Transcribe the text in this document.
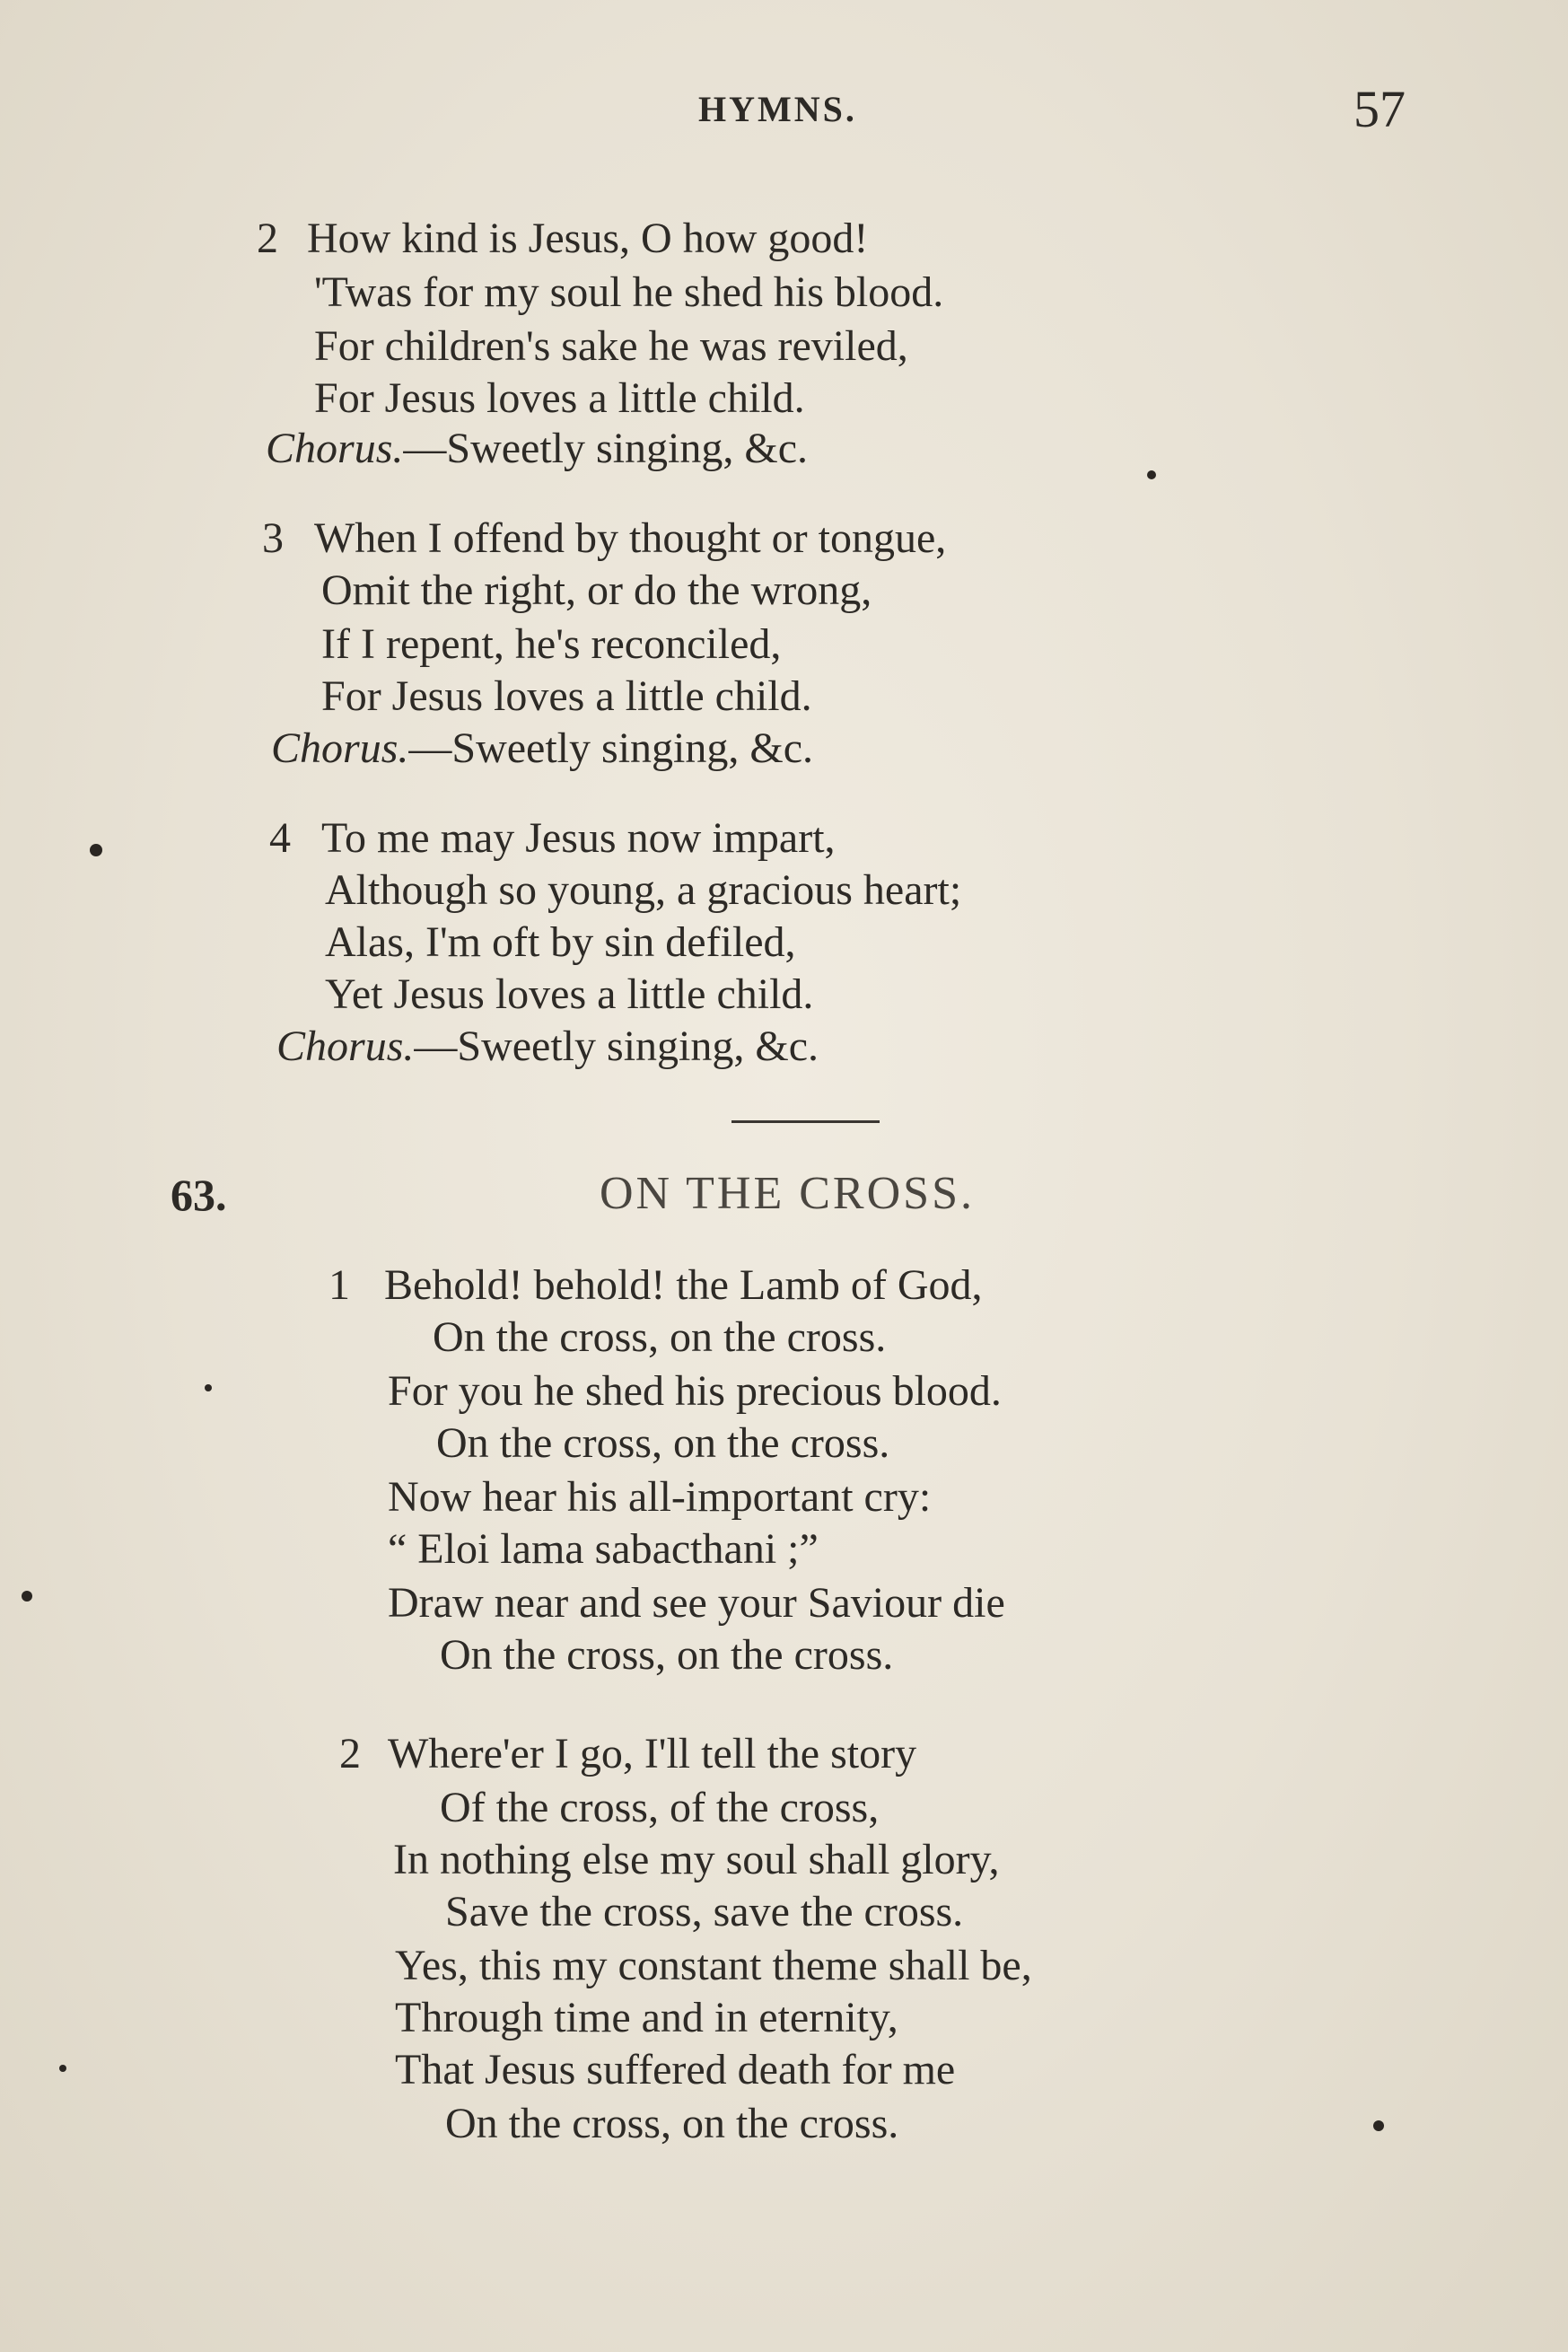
HYMNS.	57
2 How kind is Jesus, O how good!
'Twas for my soul he shed his blood.
For children's sake he was reviled,
For Jesus loves a little child.
Chorus.—Sweetly singing, &c.
3 When I offend by thought or tongue,
Omit the right, or do the wrong,
If I repent, he's reconciled,
For Jesus loves a little child.
Chorus.—Sweetly singing, &c.
4 To me may Jesus now impart,
Although so young, a gracious heart;
Alas, I'm oft by sin defiled,
Yet Jesus loves a little child.
Chorus.—Sweetly singing, &c.
63.	ON THE CROSS.
1 Behold! behold! the Lamb of God,
On the cross, on the cross.
For you he shed his precious blood.
On the cross, on the cross.
Now hear his all-important cry:
“ Eloi lama sabacthani ;”
Draw near and see your Saviour die
On the cross, on the cross.
2 Where'er I go, I'll tell the story
Of the cross, of the cross,
In nothing else my soul shall glory,
Save the cross, save the cross.
Yes, this my constant theme shall be,
Through time and in eternity,
That Jesus suffered death for me
On the cross, on the cross.
